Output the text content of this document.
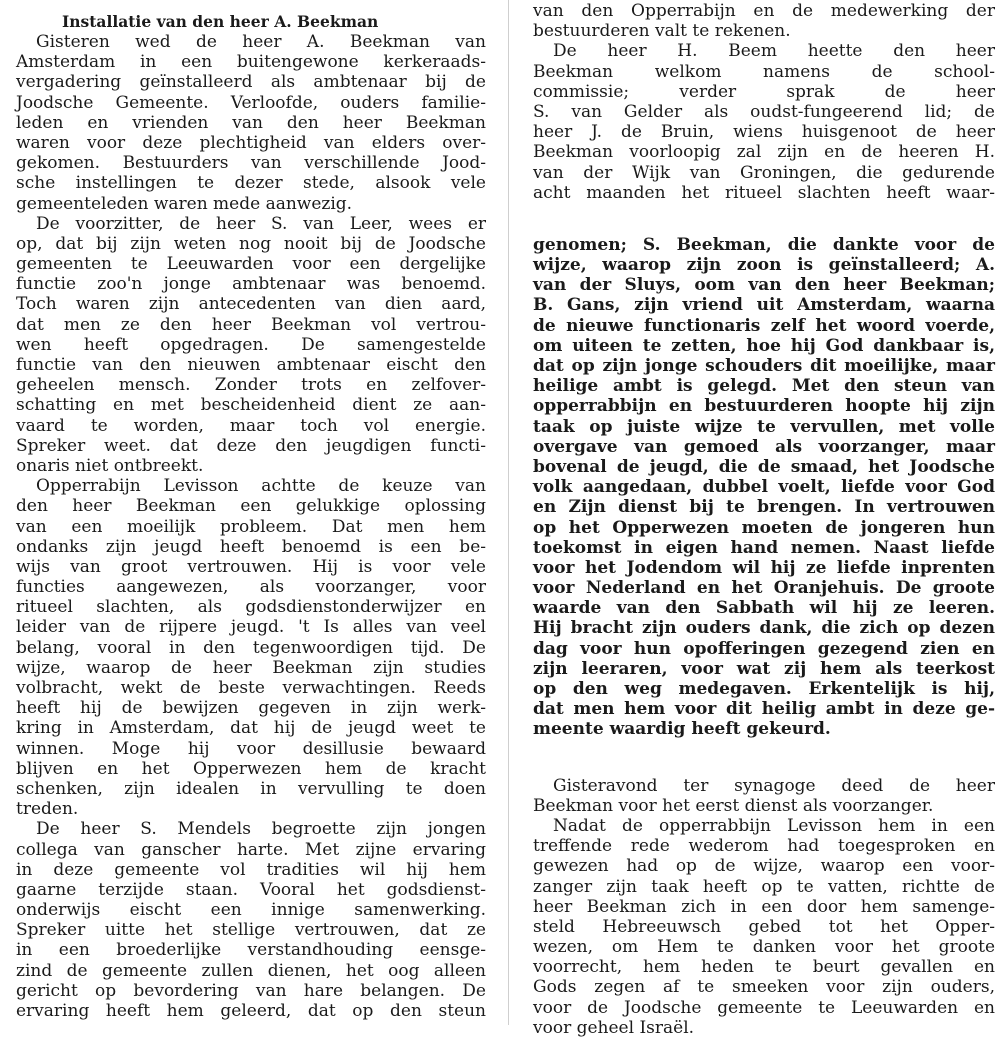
Installatie van den heer A. Beekman
Gisteren wed de heer A. Beekman van
Amsterdam in een buitengewone kerkeraads-
vergadering geïnstalleerd als ambtenaar bij de
Joodsche Gemeente. Verloofde, ouders familie-
leden en vrienden van den heer Beekman
waren voor deze plechtigheid van elders over-
gekomen. Bestuurders van verschillende Jood-
sche instellingen te dezer stede, alsook vele
gemeenteleden waren mede aanwezig.
De voorzitter, de heer S. van Leer, wees er
op, dat bij zijn weten nog nooit bij de Joodsche
gemeenten te Leeuwarden voor een dergelijke
functie zoo'n jonge ambtenaar was benoemd.
Toch waren zijn antecedenten van dien aard,
dat men ze den heer Beekman vol vertrou-
wen heeft opgedragen. De samengestelde
functie van den nieuwen ambtenaar eischt den
geheelen mensch. Zonder trots en zelfover-
schatting en met bescheidenheid dient ze aan-
vaard te worden, maar toch vol energie.
Spreker weet. dat deze den jeugdigen functi-
onaris niet ontbreekt.
Opperrabijn Levisson achtte de keuze van
den heer Beekman een gelukkige oplossing
van een moeilijk probleem. Dat men hem
ondanks zijn jeugd heeft benoemd is een be-
wijs van groot vertrouwen. Hij is voor vele
functies aangewezen, als voorzanger, voor
ritueel slachten, als godsdienstonderwijzer en
leider van de rijpere jeugd. 't Is alles van veel
belang, vooral in den tegenwoordigen tijd. De
wijze, waarop de heer Beekman zijn studies
volbracht, wekt de beste verwachtingen. Reeds
heeft hij de bewijzen gegeven in zijn werk-
kring in Amsterdam, dat hij de jeugd weet te
winnen. Moge hij voor desillusie bewaard
blijven en het Opperwezen hem de kracht
schenken, zijn idealen in vervulling te doen
treden.
De heer S. Mendels begroette zijn jongen
collega van ganscher harte. Met zijne ervaring
in deze gemeente vol tradities wil hij hem
gaarne terzijde staan. Vooral het godsdienst-
onderwijs eischt een innige samenwerking.
Spreker uitte het stellige vertrouwen, dat ze
in een broederlijke verstandhouding eensge-
zind de gemeente zullen dienen, het oog alleen
gericht op bevordering van hare belangen. De
ervaring heeft hem geleerd, dat op den steun
van den Opperrabijn en de medewerking der
bestuurderen valt te rekenen.
De heer H. Beem heette den heer
Beekman welkom namens de school-
commissie; verder sprak de heer
S. van Gelder als oudst-fungeerend lid; de
heer J. de Bruin, wiens huisgenoot de heer
Beekman voorloopig zal zijn en de heeren H.
van der Wijk van Groningen, die gedurende
acht maanden het ritueel slachten heeft waar-
genomen; S. Beekman, die dankte voor de
wijze, waarop zijn zoon is geïnstalleerd; A.
van der Sluys, oom van den heer Beekman;
B. Gans, zijn vriend uit Amsterdam, waarna
de nieuwe functionaris zelf het woord voerde,
om uiteen te zetten, hoe hij God dankbaar is,
dat op zijn jonge schouders dit moeilijke, maar
heilige ambt is gelegd. Met den steun van
opperrabbijn en bestuurderen hoopte hij zijn
taak op juiste wijze te vervullen, met volle
overgave van gemoed als voorzanger, maar
bovenal de jeugd, die de smaad, het Joodsche
volk aangedaan, dubbel voelt, liefde voor God
en Zijn dienst bij te brengen. In vertrouwen
op het Opperwezen moeten de jongeren hun
toekomst in eigen hand nemen. Naast liefde
voor het Jodendom wil hij ze liefde inprenten
voor Nederland en het Oranjehuis. De groote
waarde van den Sabbath wil hij ze leeren.
Hij bracht zijn ouders dank, die zich op dezen
dag voor hun opofferingen gezegend zien en
zijn leeraren, voor wat zij hem als teerkost
op den weg medegaven. Erkentelijk is hij,
dat men hem voor dit heilig ambt in deze ge-
meente waardig heeft gekeurd.
Gisteravond ter synagoge deed de heer
Beekman voor het eerst dienst als voorzanger.
Nadat de opperrabbijn Levisson hem in een
treffende rede wederom had toegesproken en
gewezen had op de wijze, waarop een voor-
zanger zijn taak heeft op te vatten, richtte de
heer Beekman zich in een door hem samenge-
steld Hebreeuwsch gebed tot het Opper-
wezen, om Hem te danken voor het groote
voorrecht, hem heden te beurt gevallen en
Gods zegen af te smeeken voor zijn ouders,
voor de Joodsche gemeente te Leeuwarden en
voor geheel Israël.
